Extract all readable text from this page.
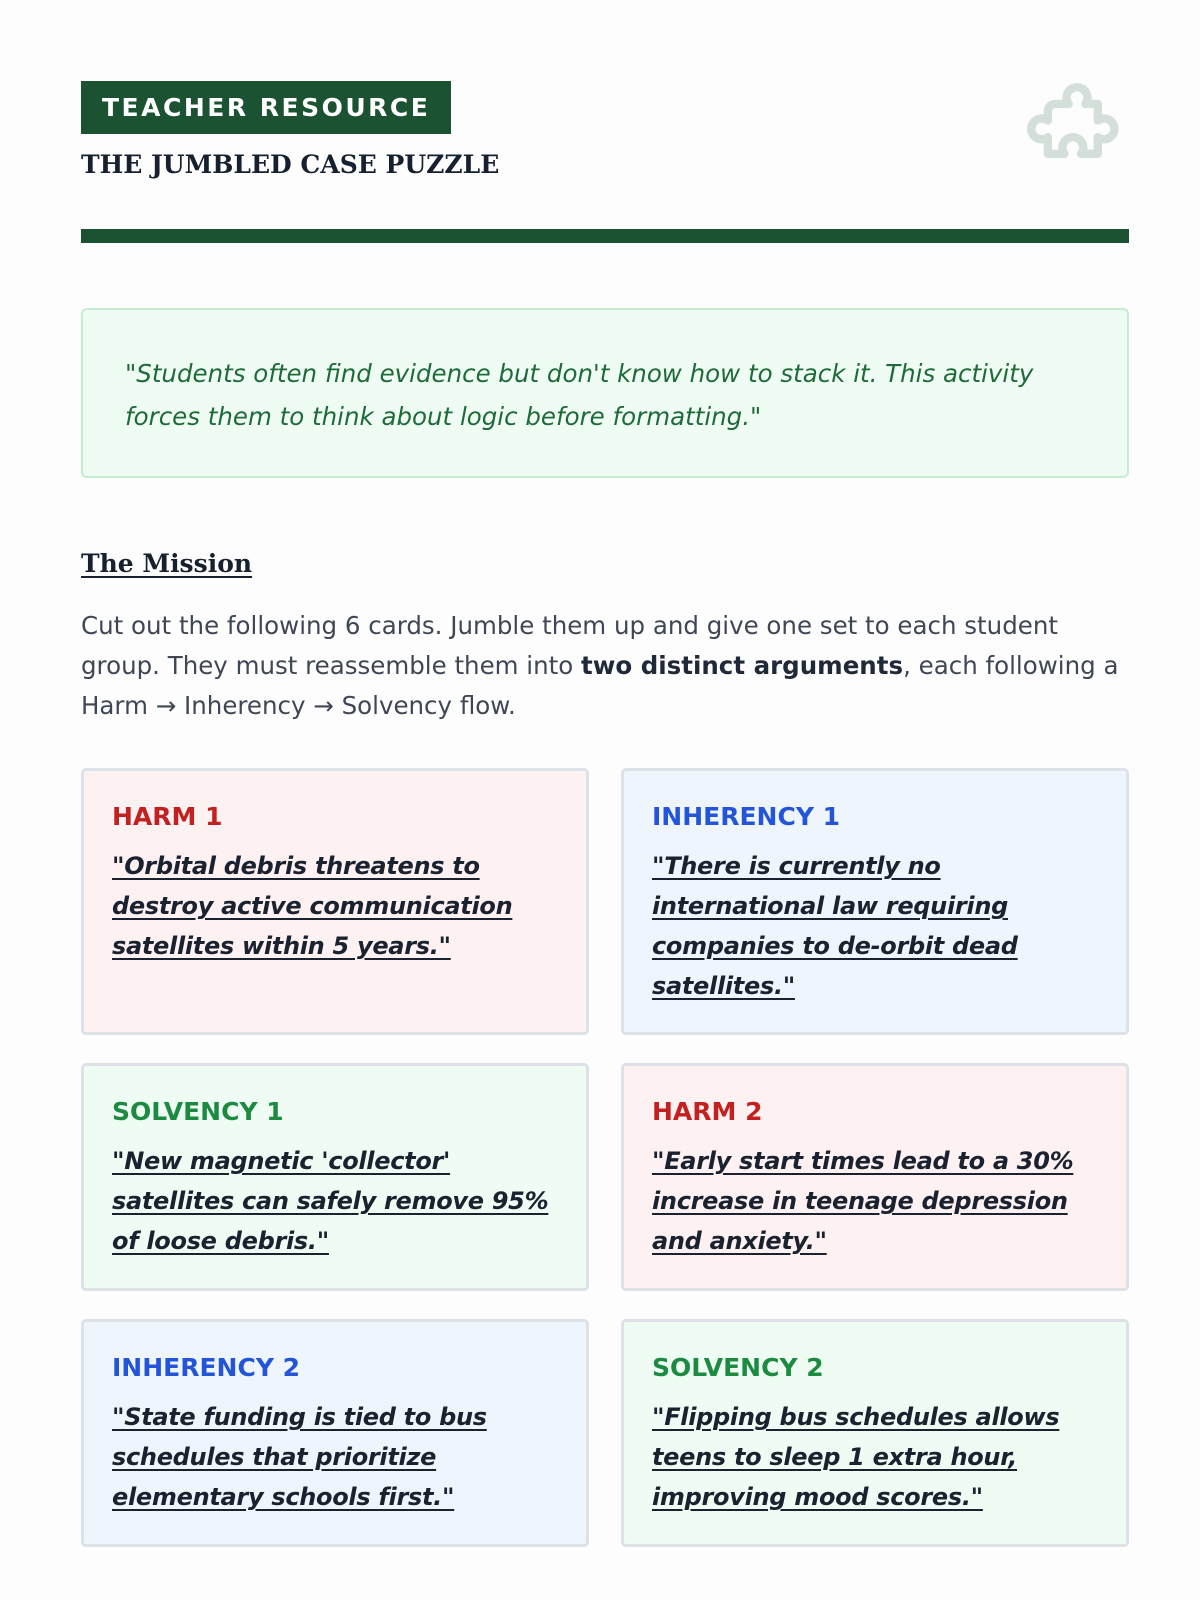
TEACHER RESOURCE
THE JUMBLED CASE PUZZLE

"Students often find evidence but don't know how to stack it. This activity forces them to think about logic before formatting."

The Mission

Cut out the following 6 cards. Jumble them up and give one set to each student group. They must reassemble them into two distinct arguments, each following a Harm → Inherency → Solvency flow.

HARM 1
"Orbital debris threatens to destroy active communication satellites within 5 years."
INHERENCY 1
"There is currently no international law requiring companies to de-orbit dead satellites."
SOLVENCY 1
"New magnetic 'collector' satellites can safely remove 95% of loose debris."
HARM 2
"Early start times lead to a 30% increase in teenage depression and anxiety."
INHERENCY 2
"State funding is tied to bus schedules that prioritize elementary schools first."
SOLVENCY 2
"Flipping bus schedules allows teens to sleep 1 extra hour, improving mood scores."
